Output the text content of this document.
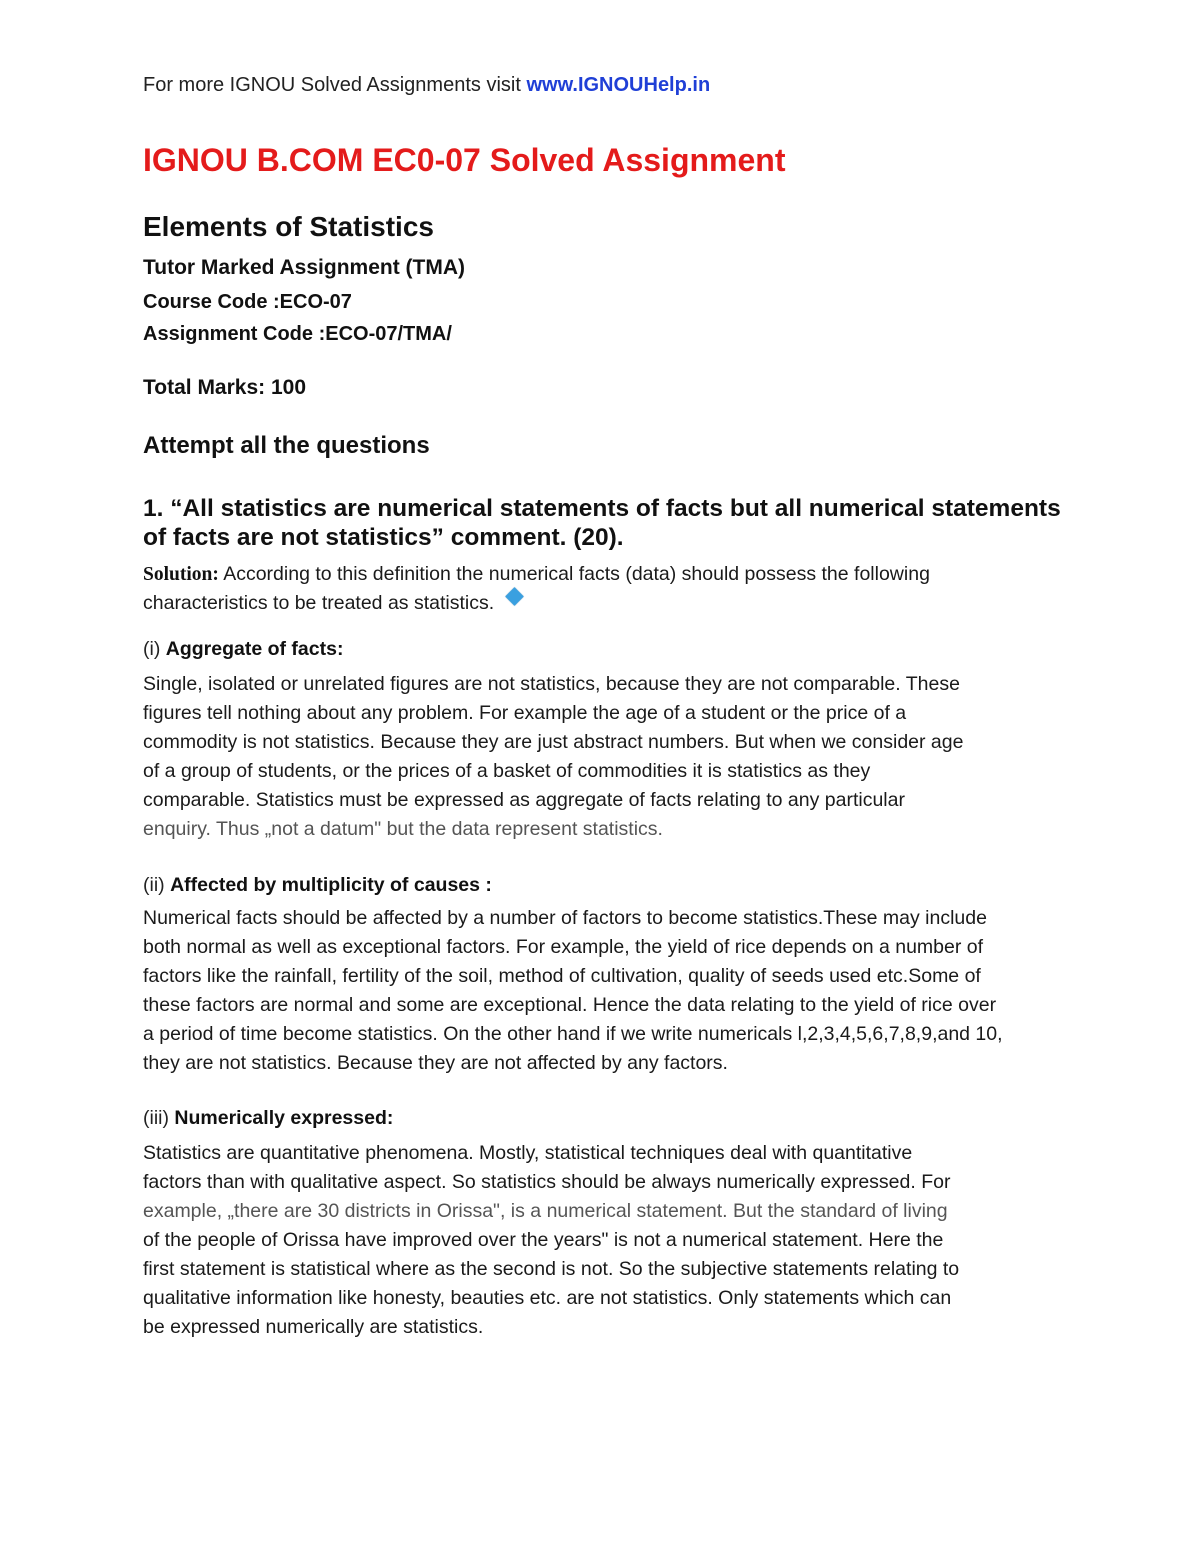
For more IGNOU Solved Assignments visit www.IGNOUHelp.in
IGNOU B.COM EC0-07 Solved Assignment
Elements of Statistics
Tutor Marked Assignment (TMA)
Course Code :ECO-07
Assignment Code :ECO-07/TMA/
Total Marks: 100
Attempt all the questions
1. “All statistics are numerical statements of facts but all numerical statements of facts are not statistics” comment. (20).
Solution: According to this definition the numerical facts (data) should possess the following characteristics to be treated as statistics.
(i) Aggregate of facts:
Single, isolated or unrelated figures are not statistics, because they are not comparable. These
figures tell nothing about any problem. For example the age of a student or the price of a
commodity is not statistics. Because they are just abstract numbers. But when we consider age
of a group of students, or the prices of a basket of commodities it is statistics as they
comparable. Statistics must be expressed as aggregate of facts relating to any particular
enquiry. Thus „not a datum" but the data represent statistics.
(ii) Affected by multiplicity of causes :
Numerical facts should be affected by a number of factors to become statistics.These may include
both normal as well as exceptional factors. For example, the yield of rice depends on a number of
factors like the rainfall, fertility of the soil, method of cultivation, quality of seeds used etc.Some of
these factors are normal and some are exceptional. Hence the data relating to the yield of rice over
a period of time become statistics. On the other hand if we write numericals l,2,3,4,5,6,7,8,9,and 10,
they are not statistics. Because they are not affected by any factors.
(iii) Numerically expressed:
Statistics are quantitative phenomena. Mostly, statistical techniques deal with quantitative
factors than with qualitative aspect. So statistics should be always numerically expressed. For
example, „there are 30 districts in Orissa", is a numerical statement. But the standard of living
of the people of Orissa have improved over the years" is not a numerical statement. Here the
first statement is statistical where as the second is not. So the subjective statements relating to
qualitative information like honesty, beauties etc. are not statistics. Only statements which can
be expressed numerically are statistics.
